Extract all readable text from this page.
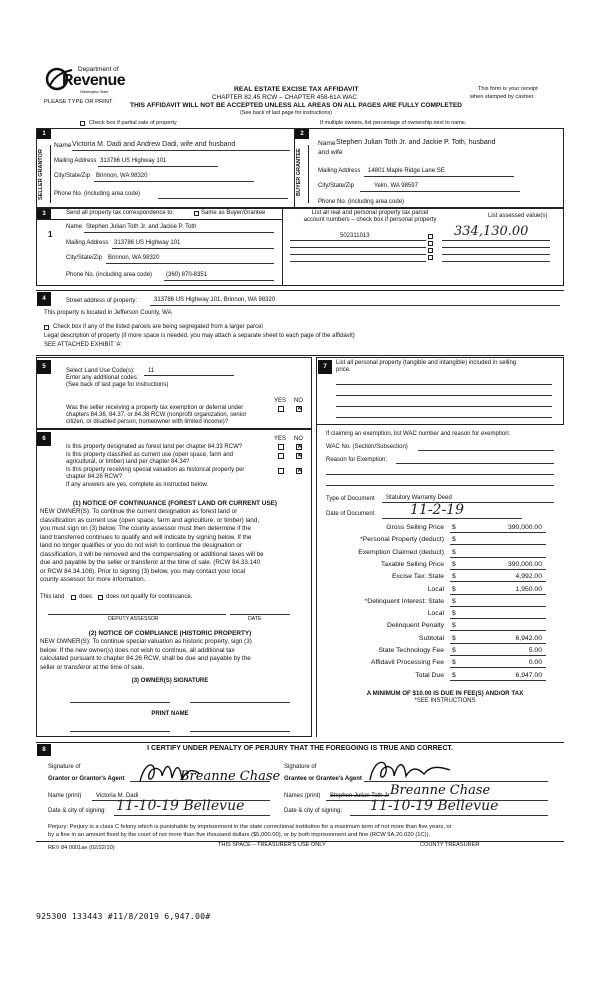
Department of
Revenue
Washington State
PLEASE TYPE OR PRINT
REAL ESTATE EXCISE TAX AFFIDAVIT
CHAPTER 82.45 RCW – CHAPTER 458-61A WAC
THIS AFFIDAVIT WILL NOT BE ACCEPTED UNLESS ALL AREAS ON ALL PAGES ARE FULLY COMPLETED
(See back of last page for instructions)
This form is your receipt
when stamped by cashier.
Check box if partial sale of property	If multiple owners, list percentage of ownership next to name.
1	2
SELLER GRANTOR
Name Victoria M. Dadi and Andrew Dadi, wife and husband
Mailing Address 313786 US Highway 101
City/State/Zip Brinnon, WA 98320
Phone No. (including area code)	BUYER GRANTEE
Name Stephen Julian Toth Jr. and Jackie P. Toth, husband
and wife
Mailing Address 14801 Maple Ridge Lane SE
City/State/Zip	Yelm, WA 98597
Phone No. (including area code)
3	Send all property tax correspondence to:	Same as Buyer/Grantee
1
Name Stephen Julian Toth Jr. and Jackie P. Toth
Mailing Address 313786 US Highway 101
City/State/Zip Brinnon, WA 98320
Phone No. (including area code) (360) 870-8351
List all real and personal property tax parcel
account numbers – check box if personal property
List assessed value(s)
502311013	334,130.00
4	Street address of property:	313786 US Highway 101, Brinnon, WA 98320
This property is located in Jefferson County, WA
Check box if any of the listed parcels are being segregated from a larger parcel
Legal description of property (if more space is needed, you may attach a separate sheet to each page of the affidavit)
SEE ATTACHED EXHIBIT 'A'
5
Select Land Use Code(s): 11
Enter any additional codes:
(See back of last page for instructions)
YES NO
Was the seller receiving a property tax exemption or deferral under
chapters 84.36, 84.37, or 84.38 RCW (nonprofit organization, senior
citizen, or disabled person, homeowner with limited income)?
✕
7
List all personal property (tangible and intangible) included in selling
price.
If claiming an exemption, list WAC number and reason for exemption:
WAC No. (Section/Subsection)
Reason for Exemption:
Type of Document Statutory Warranty Deed
Date of Document	11-2-19
Gross Selling Price $	390,000.00
*Personal Property (deduct) $
Exemption Claimed (deduct) $
Taxable Selling Price $	390,000.00
Excise Tax: State $	4,992.00
Local $	1,950.00
*Delinquent Interest: State $
Local $
Delinquent Penalty $
Subtotal $	6,942.00
State Technology Fee $	5.00
Affidavit Processing Fee $	0.00
Total Due $	6,947.00
A MINIMUM OF $10.00 IS DUE IN FEE(S) AND/OR TAX
*SEE INSTRUCTIONS
6	YES NO
Is this property designated as forest land per chapter 84.33 RCW?	✕
Is this property classified as current use (open space, farm and
agricultural, or timber) land per chapter 84.34?
✕
Is this property receiving special valuation as historical property per
chapter 84.26 RCW?
✕
If any answers are yes, complete as instructed below.
(1) NOTICE OF CONTINUANCE (FOREST LAND OR CURRENT USE)
NEW OWNER(S): To continue the current designation as forest land or
classification as current use (open space, farm and agriculture, or timber) land,
you must sign on (3) below. The county assessor must then determine if the
land transferred continues to qualify and will indicate by signing below. If the
land no longer qualifies or you do not wish to continue the designation or
classification, it will be removed and the compensating or additional taxes will be
due and payable by the seller or transferor at the time of sale. (RCW 84.33.140
or RCW 84.34.108). Prior to signing (3) below, you may contact your local
county assessor for more information.
This land does does not qualify for continuance.
DEPUTY ASSESSOR	DATE
(2) NOTICE OF COMPLIANCE (HISTORIC PROPERTY)
NEW OWNER(S): To continue special valuation as historic property, sign (3)
below. If the new owner(s) does not wish to continue, all additional tax
calculated pursuant to chapter 84.26 RCW, shall be due and payable by the
seller or transferor at the time of sale.
(3) OWNER(S) SIGNATURE
PRINT NAME
8	I CERTIFY UNDER PENALTY OF PERJURY THAT THE FOREGOING IS TRUE AND CORRECT.
Signature of
Grantor or Grantor's Agent	Breanne Chase
Name (print) Victoria M. Dadi
Date & city of signing: 11-10-19 Bellevue
Signature of
Grantee or Grantee's Agent
Names (print) Stephen Julian Toth Jr Breanne Chase
Date & city of signing: 11-10-19 Bellevue
Perjury: Perjury is a class C felony which is punishable by imprisonment in the state correctional institution for a maximum term of not more than five years, or
by a fine in an amount fixed by the court of not more than five thousand dollars ($5,000.00), or by both imprisonment and fine (RCW 9A.20.020 (1C)).
REV 84 0001ae (02/22/10)	THIS SPACE – TREASURER'S USE ONLY	COUNTY TREASURER
925300 133443 #11/8/2019 6,947.00#
